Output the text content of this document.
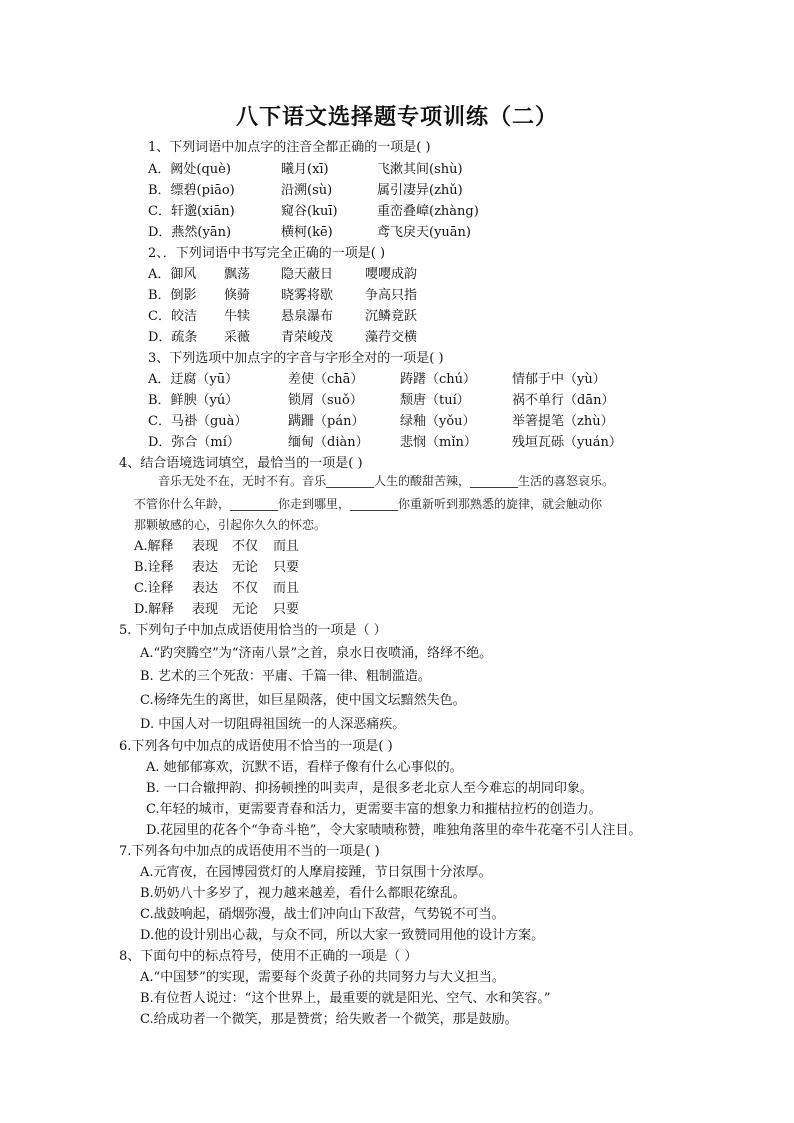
八下语文选择题专项训练（二）
1、下列词语中加点字的注音全都正确的一项是( )
A．阙处(què)	曦月(xī)	飞漱其间(shù)
B．缥碧(piāo)	沿溯(sù)	属引凄异(zhǔ)
C．轩邈(xiān)	窥谷(kuī)	重峦叠嶂(zhàng)
D．燕然(yān)	横柯(kē)	鸢飞戾天(yuān)
2、．下列词语中书写完全正确的一项是( )
A．御风 飘荡 隐天蔽日 嘤嘤成韵
B．倒影 倏骑 晓雾将歇 争高只指
C．皎洁 牛犊 悬泉瀑布 沉鳞竟跃
D．疏条 采薇 青荣峻茂 藻荇交横
3、下列选项中加点字的字音与字形全对的一项是( )
A．迂腐（yū）	差使（chā）	踌躇（chú）	情郁于中（yù）
B．鲜腴（yú）	锁屑（suǒ）	颓唐（tuí）	祸不单行（dān）
C．马褂（guà）	蹒跚（pán）	绿釉（yǒu）	举箸提笔（zhù）
D．弥合（mí）	缅甸（diàn） 悲悯（mǐn）	残垣瓦砾（yuán）
4、结合语境选词填空，最恰当的一项是( )
音乐无处不在，无时不有。音乐________人生的酸甜苦辣，________生活的喜怒哀乐。
不管你什么年龄，________你走到哪里，________你重新听到那熟悉的旋律，就会触动你
那颗敏感的心，引起你久久的怀恋。
A.解释 表现 不仅 而且
B.诠释 表达 无论 只要
C.诠释 表达 不仅 而且
D.解释 表现 无论 只要
5. 下列句子中加点成语使用恰当的一项是（ ）
A.“趵突腾空”为“济南八景”之首，泉水日夜喷涌，络绎不绝。
B. 艺术的三个死敌：平庸、千篇一律、粗制滥造。
C.杨绛先生的离世，如巨星陨落，使中国文坛黯然失色。
D. 中国人对一切阻碍祖国统一的人深恶痛疾。
6.下列各句中加点的成语使用不恰当的一项是( )
A. 她郁郁寡欢，沉默不语，看样子像有什么心事似的。
B. 一口合辙押韵、抑扬顿挫的叫卖声，是很多老北京人至今难忘的胡同印象。
C.年轻的城市，更需要青春和活力，更需要丰富的想象力和摧枯拉朽的创造力。
D.花园里的花各个“争奇斗艳”，令大家啧啧称赞，唯独角落里的牵牛花毫不引人注目。
7.下列各句中加点的成语使用不当的一项是( )
A.元宵夜，在园博园赏灯的人摩肩接踵，节日氛围十分浓厚。
B.奶奶八十多岁了，视力越来越差，看什么都眼花缭乱。
C.战鼓响起，硝烟弥漫，战士们冲向山下敌营，气势锐不可当。
D.他的设计别出心裁，与众不同，所以大家一致赞同用他的设计方案。
8、下面句中的标点符号，使用不正确的一项是（ ）
A.“中国梦”的实现，需要每个炎黄子孙的共同努力与大义担当。
B.有位哲人说过：“这个世界上，最重要的就是阳光、空气、水和笑容。”
C.给成功者一个微笑，那是赞赏；给失败者一个微笑，那是鼓励。
